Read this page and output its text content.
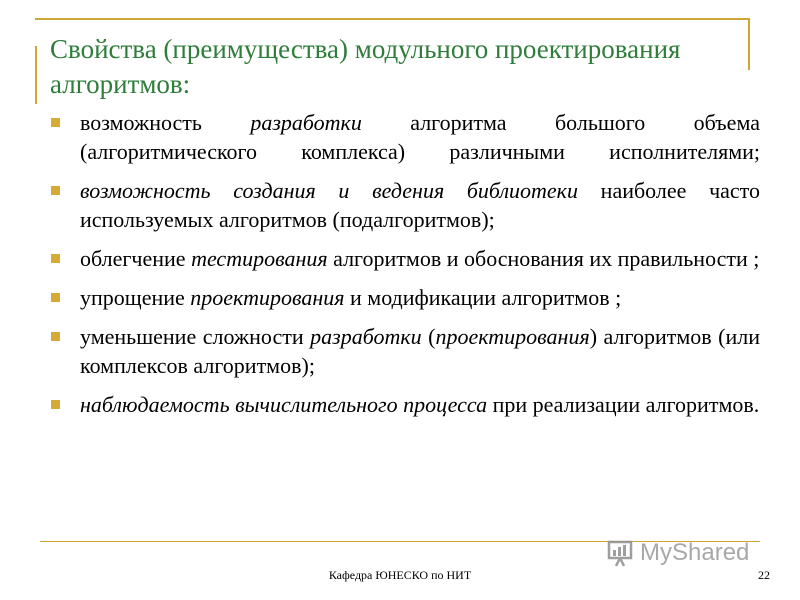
Свойства (преимущества) модульного проектирования алгоритмов:
возможность разработки алгоритма большого объема (алгоритмического комплекса) различными исполнителями;
возможность создания и ведения библиотеки наиболее часто используемых алгоритмов (подалгоритмов);
облегчение тестирования алгоритмов и обоснования их правильности ;
упрощение проектирования и модификации алгоритмов ;
уменьшение сложности разработки (проектирования) алгоритмов (или комплексов алгоритмов);
наблюдаемость вычислительного процесса при реализации алгоритмов.
MyShared
Кафедра ЮНЕСКО по НИТ	22
